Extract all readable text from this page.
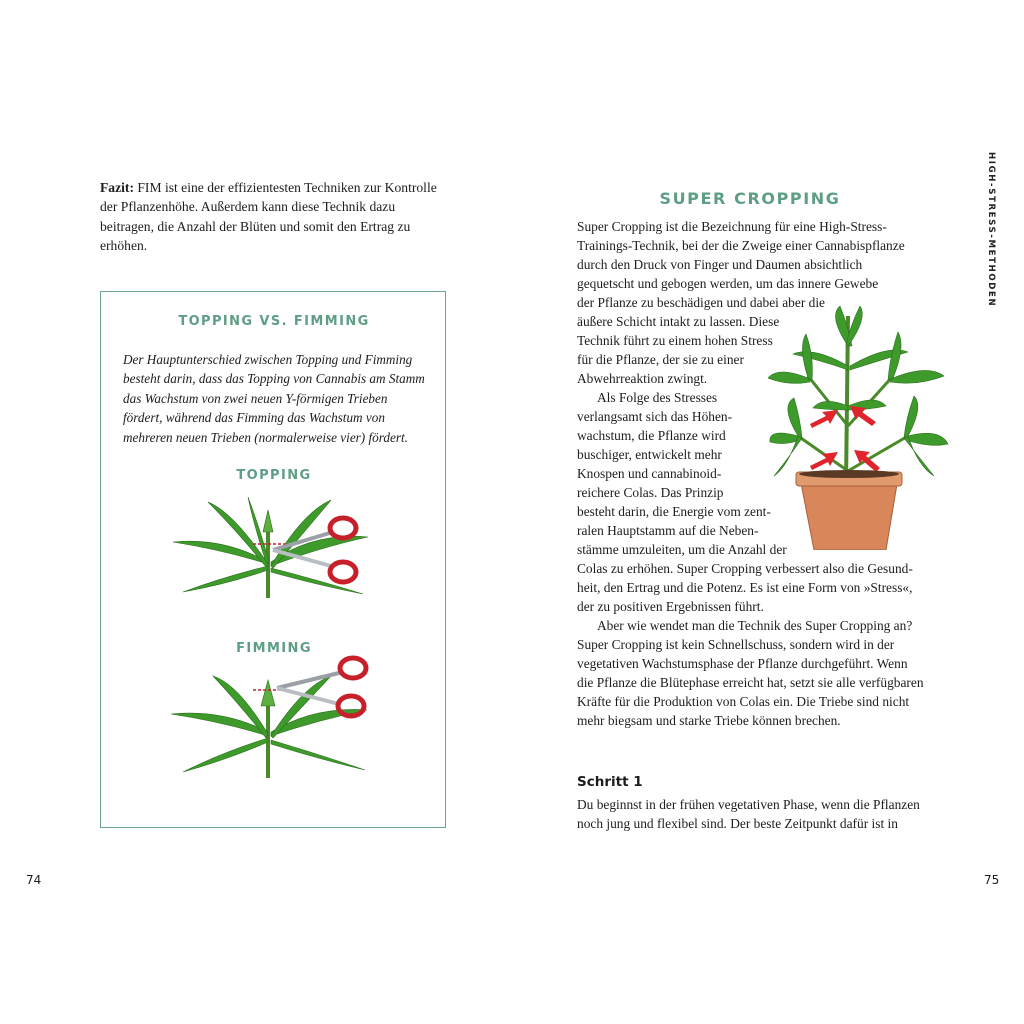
Fazit: FIM ist eine der effizientesten Techniken zur Kontrolle
der Pflanzenhöhe. Außerdem kann diese Technik dazu
beitragen, die Anzahl der Blüten und somit den Ertrag zu
erhöhen.
TOPPING VS. FIMMING
Der Hauptunterschied zwischen Topping und Fimming
besteht darin, dass das Topping von Cannabis am Stamm
das Wachstum von zwei neuen Y-förmigen Trieben
fördert, während das Fimming das Wachstum von
mehreren neuen Trieben (normalerweise vier) fördert.
TOPPING
FIMMING
74
SUPER CROPPING
Super Cropping ist die Bezeichnung für eine High-Stress-
Trainings-Technik, bei der die Zweige einer Cannabispflanze
durch den Druck von Finger und Daumen absichtlich
gequetscht und gebogen werden, um das innere Gewebe
der Pflanze zu beschädigen und dabei aber die
äußere Schicht intakt zu lassen. Diese
Technik führt zu einem hohen Stress
für die Pflanze, der sie zu einer
Abwehrreaktion zwingt.
Als Folge des Stresses
verlangsamt sich das Höhen-
wachstum, die Pflanze wird
buschiger, entwickelt mehr
Knospen und cannabinoid-
reichere Colas. Das Prinzip
besteht darin, die Energie vom zent-
ralen Hauptstamm auf die Neben-
stämme umzuleiten, um die Anzahl der
Colas zu erhöhen. Super Cropping verbessert also die Gesund-
heit, den Ertrag und die Potenz. Es ist eine Form von »Stress«,
der zu positiven Ergebnissen führt.
Aber wie wendet man die Technik des Super Cropping an?
Super Cropping ist kein Schnellschuss, sondern wird in der
vegetativen Wachstumsphase der Pflanze durchgeführt. Wenn
die Pflanze die Blütephase erreicht hat, setzt sie alle verfügbaren
Kräfte für die Produktion von Colas ein. Die Triebe sind nicht
mehr biegsam und starke Triebe können brechen.
Schritt 1
Du beginnst in der frühen vegetativen Phase, wenn die Pflanzen
noch jung und flexibel sind. Der beste Zeitpunkt dafür ist in
HIGH-STRESS-METHODEN
75
